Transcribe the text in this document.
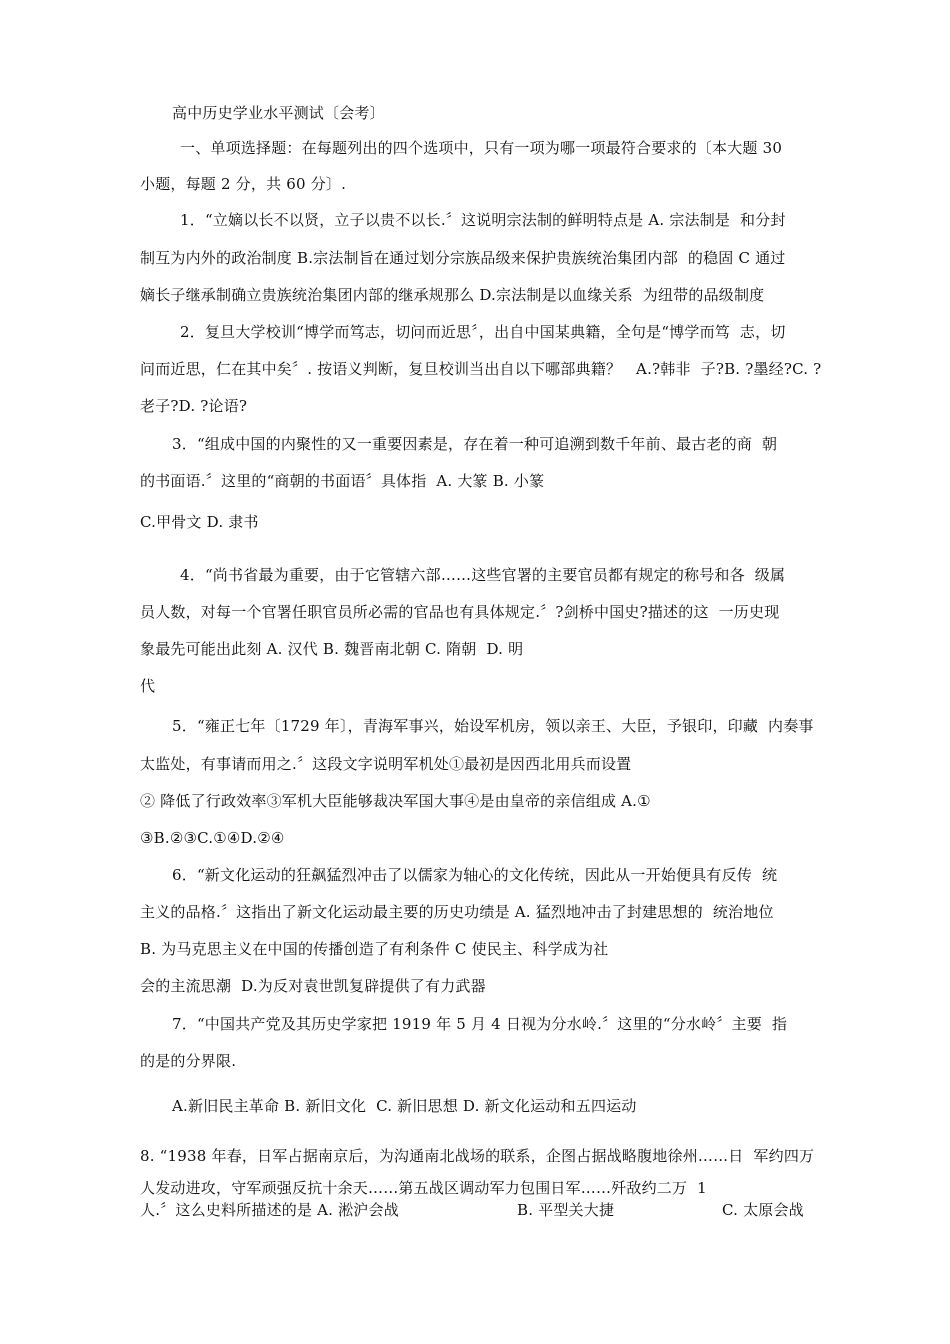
高中历史学业水平测试〔会考〕
一、单项选择题：在每题列出的四个选项中，只有一项为哪一项最符合要求的〔本大题 30
小题，每题 2 分，共 60 分〕.
1．“立嫡以长不以贤，立子以贵不以长.〞这说明宗法制的鲜明特点是 A. 宗法制是  和分封
制互为内外的政治制度 B.宗法制旨在通过划分宗族品级来保护贵族统治集团内部  的稳固 C 通过
嫡长子继承制确立贵族统治集团内部的继承规那么 D.宗法制是以血缘关系  为纽带的品级制度
2．复旦大学校训“博学而笃志，切问而近思〞，出自中国某典籍，全句是“博学而笃  志，切
问而近思，仁在其中矣〞. 按语义判断，复旦校训当出自以下哪部典籍？   A.?韩非  子?B. ?墨经?C. ?
老子?D. ?论语?
3．“组成中国的内聚性的又一重要因素是，存在着一种可追溯到数千年前、最古老的商  朝
的书面语.〞这里的“商朝的书面语〞具体指  A. 大篆 B. 小篆
C.甲骨文 D. 隶书
4．“尚书省最为重要，由于它管辖六部……这些官署的主要官员都有规定的称号和各  级属
员人数，对每一个官署任职官员所必需的官品也有具体规定.〞?剑桥中国史?描述的这  一历史现
象最先可能出此刻 A. 汉代 B. 魏晋南北朝 C. 隋朝  D. 明
代
5．“雍正七年〔1729 年〕，青海军事兴，始设军机房，领以亲王、大臣，予银印，印藏  内奏事
太监处，有事请而用之.〞这段文字说明军机处①最初是因西北用兵而设置
② 降低了行政效率③军机大臣能够裁决军国大事④是由皇帝的亲信组成 A.①
③B.②③C.①④D.②④
6．“新文化运动的狂飙猛烈冲击了以儒家为轴心的文化传统，因此从一开始便具有反传  统
主义的品格.〞这指出了新文化运动最主要的历史功绩是 A. 猛烈地冲击了封建思想的  统治地位
B. 为马克思主义在中国的传播创造了有利条件 C 使民主、科学成为社
会的主流思潮  D.为反对袁世凯复辟提供了有力武器
7．“中国共产党及其历史学家把 1919 年 5 月 4 日视为分水岭.〞这里的“分水岭〞主要  指
的是的分界限.
A.新旧民主革命 B. 新旧文化  C. 新旧思想 D. 新文化运动和五四运动
8. “1938 年春，日军占据南京后，为沟通南北战场的联系，企图占据战略腹地徐州……日  军约四万
人发动进攻，守军顽强反抗十余天……第五战区调动军力包围日军……歼敌约二万  1
人.〞这么史料所描述的是 A. 淞沪会战	B. 平型关大捷	C. 太原会战
